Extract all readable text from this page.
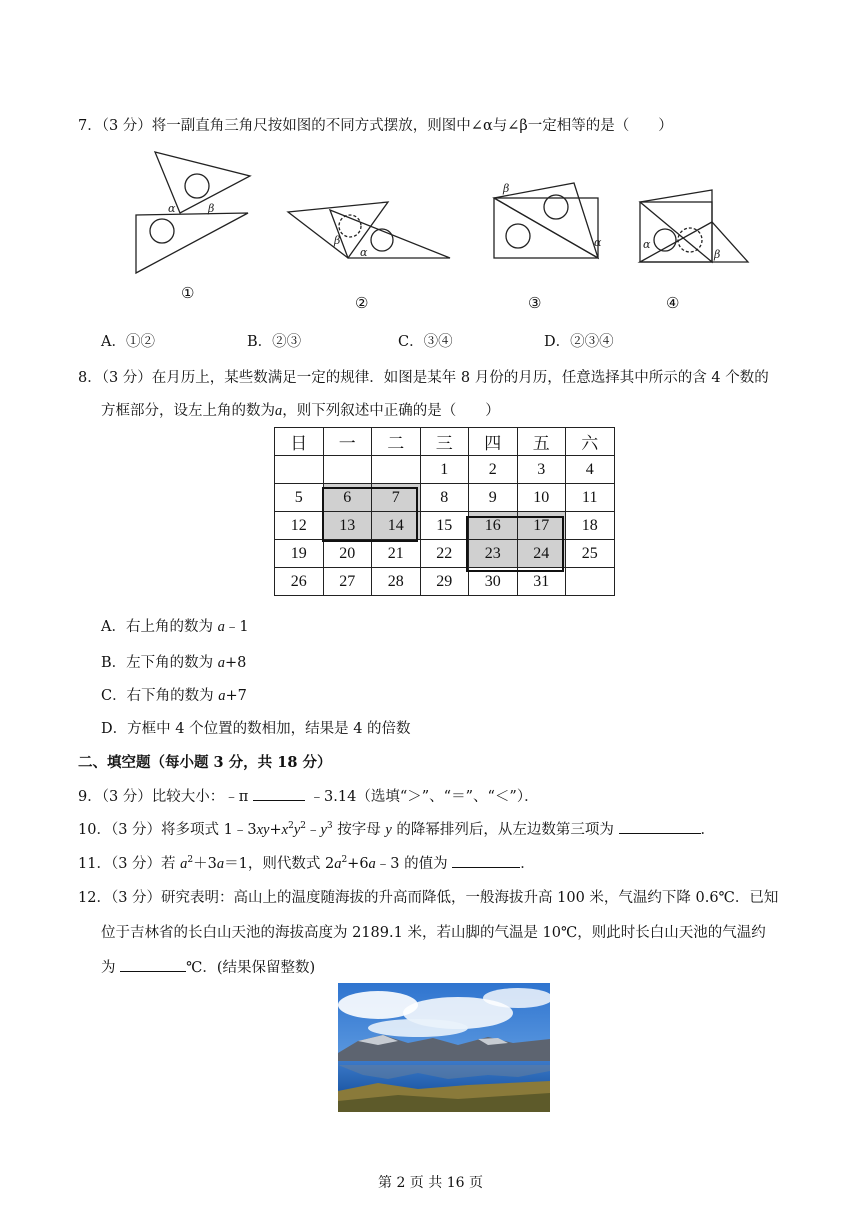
7．（3 分）将一副直角三角尺按如图的不同方式摆放，则图中∠α与∠β一定相等的是（　　）
α	β
β
α
β
α	α
β
①
②	③	④
A．①②	B．②③	C．③④	D．②③④
8．（3 分）在月历上，某些数满足一定的规律．如图是某年 8 月份的月历，任意选择其中所示的含 4 个数的
方框部分，设左上角的数为a，则下列叙述中正确的是（　　）
日	一	二	三	四	五	六
			1	2	3	4
5	6	7	8	9	10	11
12	13	14	15	16	17	18
19	20	21	22	23	24	25
26	27	28	29	30	31	
A．右上角的数为 a﹣1
B．左下角的数为 a+8
C．右下角的数为 a+7
D．方框中 4 个位置的数相加，结果是 4 的倍数
二、填空题（每小题 3 分，共 18 分）
9．（3 分）比较大小：﹣π	﹣3.14（选填“＞”、“＝”、“＜”）．
10．（3 分）将多项式 $1﹣3xy+x^2y^2﹣y^3$ 按字母 y 的降幂排列后，从左边数第三项为	．
11．（3 分）若 $a^2+3a=1$，则代数式 $2a^2+6a﹣3$ 的值为	．
12．（3 分）研究表明：高山上的温度随海拔的升高而降低，一般海拔升高 100 米，气温约下降 0.6℃．已知
位于吉林省的长白山天池的海拔高度为 2189.1 米，若山脚的气温是 10℃，则此时长白山天池的气温约
为	℃．(结果保留整数)
第 2 页 共 16 页
